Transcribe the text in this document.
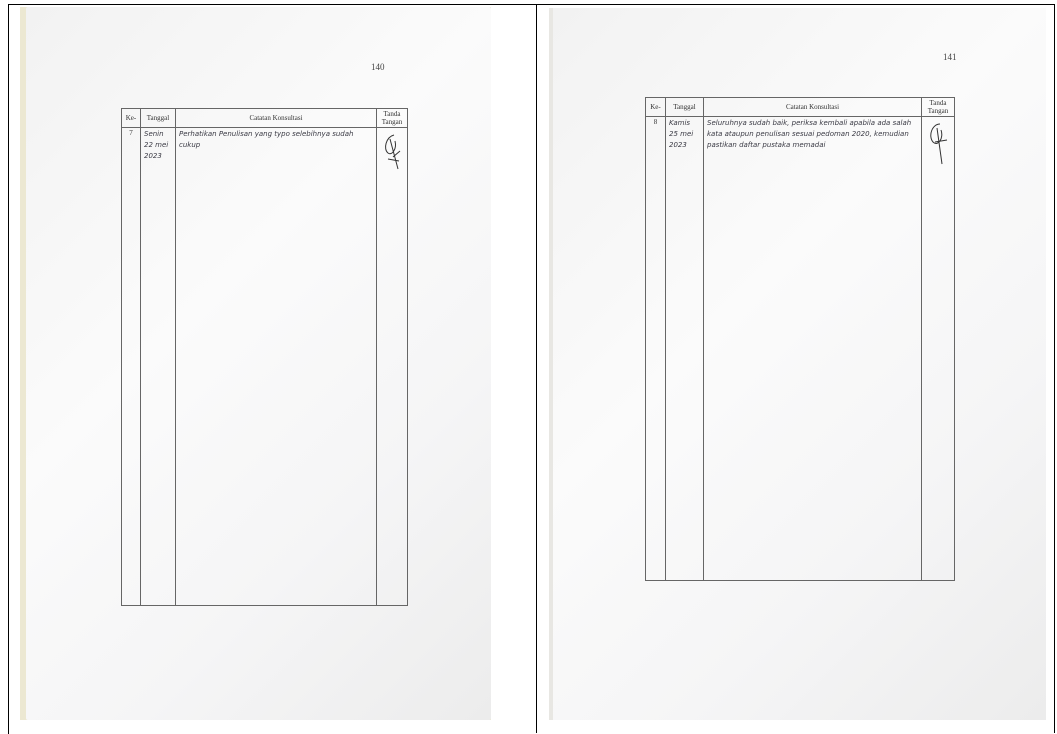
140
Ke-	Tanggal	Catatan Konsultasi	Tanda Tangan
7	Senin 22 mei 2023	Perhatikan Penulisan yang typo selebihnya sudah cukup	
141
Ke-	Tanggal	Catatan Konsultasi	Tanda Tangan
8	Kamis 25 mei 2023	Seluruhnya sudah baik, periksa kembali apabila ada salah kata ataupun penulisan sesuai pedoman 2020, kemudian pastikan daftar pustaka memadai	
